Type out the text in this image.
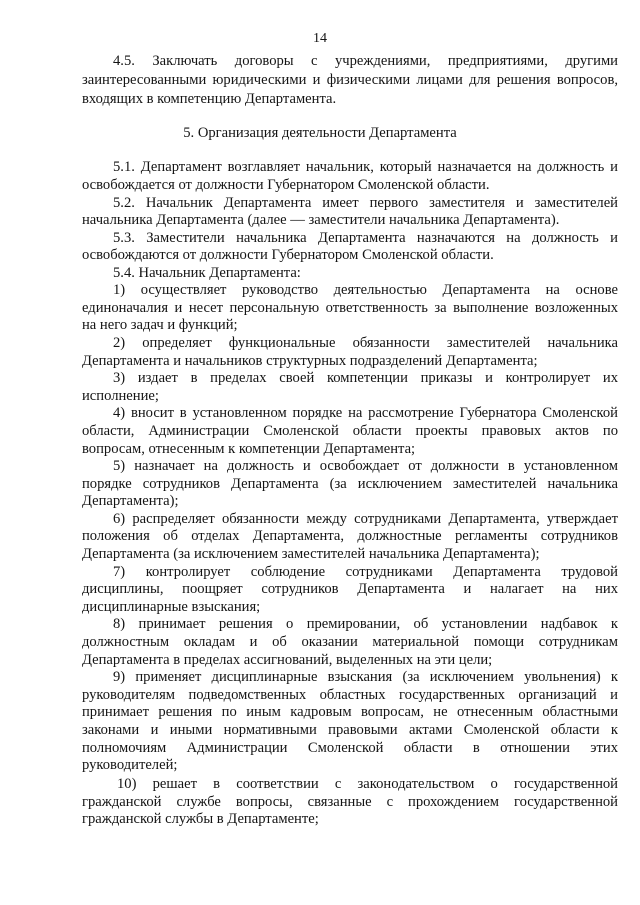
14
4.5. Заключать договоры с учреждениями, предприятиями, другими
заинтересованными юридическими и физическими лицами для решения вопросов,
входящих в компетенцию Департамента.
5. Организация деятельности Департамента
5.1. Департамент возглавляет начальник, который назначается на должность и
освобождается от должности Губернатором Смоленской области.
5.2. Начальник Департамента имеет первого заместителя и заместителей
начальника Департамента (далее — заместители начальника Департамента).
5.3. Заместители начальника Департамента назначаются на должность и
освобождаются от должности Губернатором Смоленской области.
5.4. Начальник Департамента:
1) осуществляет руководство деятельностью Департамента на основе
единоначалия и несет персональную ответственность за выполнение возложенных
на него задач и функций;
2) определяет функциональные обязанности заместителей начальника
Департамента и начальников структурных подразделений Департамента;
3) издает в пределах своей компетенции приказы и контролирует их
исполнение;
4) вносит в установленном порядке на рассмотрение Губернатора Смоленской
области, Администрации Смоленской области проекты правовых актов по
вопросам, отнесенным к компетенции Департамента;
5) назначает на должность и освобождает от должности в установленном
порядке сотрудников Департамента (за исключением заместителей начальника
Департамента);
6) распределяет обязанности между сотрудниками Департамента, утверждает
положения об отделах Департамента, должностные регламенты сотрудников
Департамента (за исключением заместителей начальника Департамента);
7) контролирует соблюдение сотрудниками Департамента трудовой
дисциплины, поощряет сотрудников Департамента и налагает на них
дисциплинарные взыскания;
8) принимает решения о премировании, об установлении надбавок к
должностным окладам и об оказании материальной помощи сотрудникам
Департамента в пределах ассигнований, выделенных на эти цели;
9) применяет дисциплинарные взыскания (за исключением увольнения) к
руководителям подведомственных областных государственных организаций и
принимает решения по иным кадровым вопросам, не отнесенным областными
законами и иными нормативными правовыми актами Смоленской области к
полномочиям Администрации Смоленской области в отношении этих
руководителей;
10) решает в соответствии с законодательством о государственной
гражданской службе вопросы, связанные с прохождением государственной
гражданской службы в Департаменте;
